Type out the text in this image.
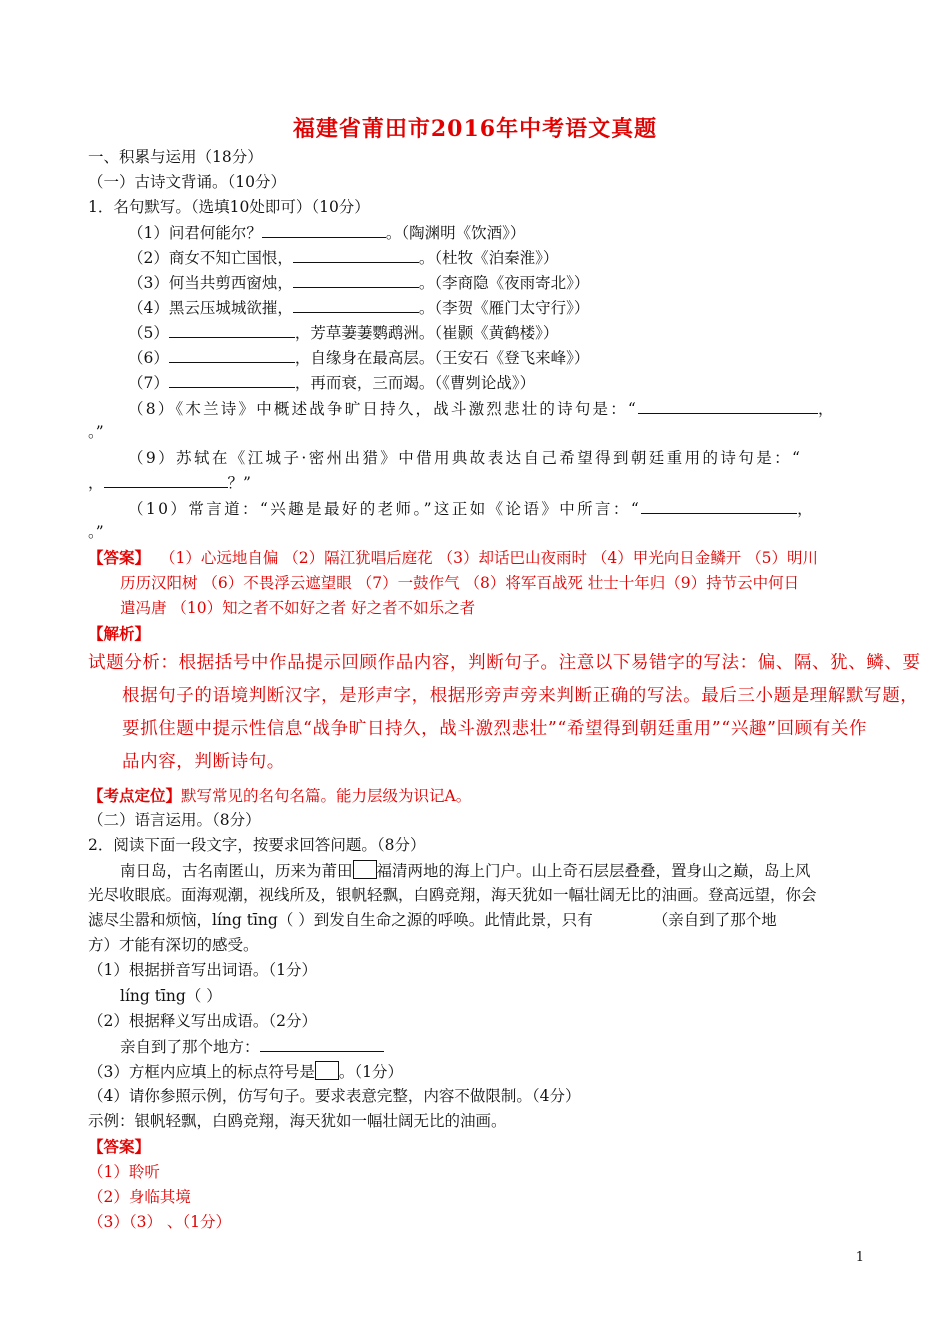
福建省莆田市2016年中考语文真题
一、积累与运用（18分）
（一）古诗文背诵。（10分）
1．名句默写。（选填10处即可）（10分）
（1）问君何能尔？	。（陶渊明《饮酒》）
（2）商女不知亡国恨，	。（杜牧《泊秦淮》）
（3）何当共剪西窗烛，	。（李商隐《夜雨寄北》）
（4）黑云压城城欲摧，	。（李贺《雁门太守行》）
（5）	，芳草萋萋鹦鹉洲。（崔颢《黄鹤楼》）
（6）	，自缘身在最高层。（王安石《登飞来峰》）
（7）	，再而衰，三而竭。（《曹刿论战》）
（8）《木兰诗》中概述战争旷日持久，战斗激烈悲壮的诗句是：“	，
。”
（9）苏轼在《江城子·密州出猎》中借用典故表达自己希望得到朝廷重用的诗句是：“
，	？”
（10）常言道：“兴趣是最好的老师。”这正如《论语》中所言：“	，
。”
【答案】 （1）心远地自偏 （2）隔江犹唱后庭花 （3）却话巴山夜雨时 （4）甲光向日金鳞开 （5）明川
历历汉阳树 （6）不畏浮云遮望眼 （7）一鼓作气 （8）将军百战死 壮士十年归（9）持节云中何日
遣冯唐 （10）知之者不如好之者 好之者不如乐之者
【解析】
试题分析：根据括号中作品提示回顾作品内容，判断句子。注意以下易错字的写法：偏、隔、犹、鳞、要
根据句子的语境判断汉字，是形声字，根据形旁声旁来判断正确的写法。最后三小题是理解默写题，
要抓住题中提示性信息“战争旷日持久，战斗激烈悲壮”“希望得到朝廷重用”“兴趣”回顾有关作
品内容，判断诗句。
【考点定位】默写常见的名句名篇。能力层级为识记A。
（二）语言运用。（8分）
2．阅读下面一段文字，按要求回答问题。（8分）
南日岛，古名南匿山，历来为莆田 福清两地的海上门户。山上奇石层层叠叠，置身山之巅，岛上风
光尽收眼底。面海观潮，视线所及，银帆轻飘，白鸥竞翔，海天犹如一幅壮阔无比的油画。登高远望，你会
滤尽尘嚣和烦恼，líng tīng（ ）到发自生命之源的呼唤。此情此景，只有	（亲自到了那个地
方）才能有深切的感受。
（1）根据拼音写出词语。（1分）
líng tīng（ ）
（2）根据释义写出成语。（2分）
亲自到了那个地方：
（3）方框内应填上的标点符号是 。（1分）
（4）请你参照示例，仿写句子。要求表意完整，内容不做限制。（4分）
示例：银帆轻飘，白鸥竞翔，海天犹如一幅壮阔无比的油画。
【答案】
（1）聆听
（2）身临其境
（3）（3） 、（1分）
1
